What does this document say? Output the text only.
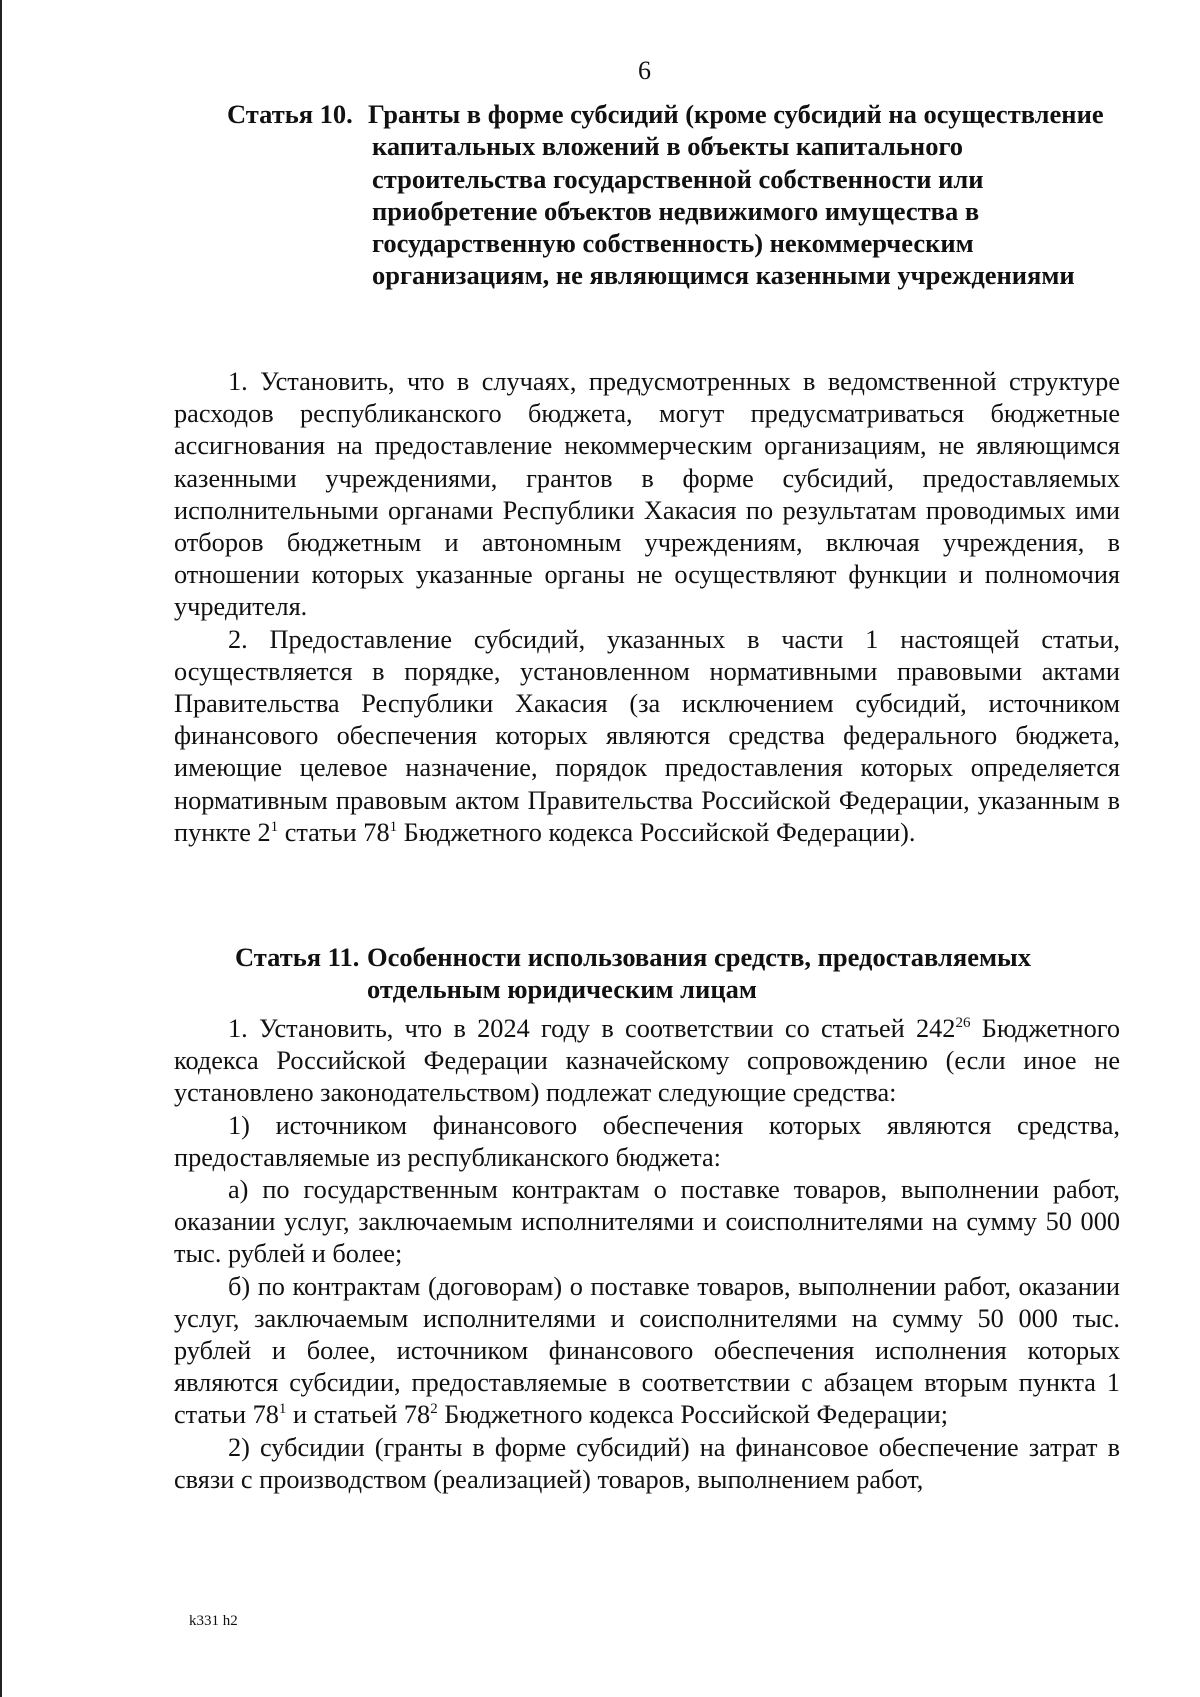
6
Статья 10. Гранты в форме субсидий (кроме субсидий на осуществление капитальных вложений в объекты капитального строительства государственной собственности или приобретение объектов недвижимого имущества в государственную собственность) некоммерческим организациям, не являющимся казенными учреждениями

1. Установить, что в случаях, предусмотренных в ведомственной структуре расходов республиканского бюджета, могут предусматриваться бюджетные ассигнования на предоставление некоммерческим организациям, не являющимся казенными учреждениями, грантов в форме субсидий, предоставляемых исполнительными органами Республики Хакасия по результатам проводимых ими отборов бюджетным и автономным учреждениям, включая учреждения, в отношении которых указанные органы не осуществляют функции и полномочия учредителя.

2. Предоставление субсидий, указанных в части 1 настоящей статьи, осуществляется в порядке, установленном нормативными правовыми актами Правительства Республики Хакасия (за исключением субсидий, источником финансового обеспечения которых являются средства федерального бюджета, имеющие целевое назначение, порядок предоставления которых определяется нормативным правовым актом Правительства Российской Федерации, указанным в пункте $2^1$ статьи $78^1$ Бюджетного кодекса Российской Федерации).

Статья 11. Особенности использования средств, предоставляемых отдельным юридическим лицам

1. Установить, что в 2024 году в соответствии со статьей $242^{26}$ Бюджетного кодекса Российской Федерации казначейскому сопровождению (если иное не установлено законодательством) подлежат следующие средства:

1) источником финансового обеспечения которых являются средства, предоставляемые из республиканского бюджета:

а) по государственным контрактам о поставке товаров, выполнении работ, оказании услуг, заключаемым исполнителями и соисполнителями на сумму 50 000 тыс. рублей и более;

б) по контрактам (договорам) о поставке товаров, выполнении работ, оказании услуг, заключаемым исполнителями и соисполнителями на сумму 50 000 тыс. рублей и более, источником финансового обеспечения исполнения которых являются субсидии, предоставляемые в соответствии с абзацем вторым пункта 1 статьи $78^1$ и статьей $78^2$ Бюджетного кодекса Российской Федерации;

2) субсидии (гранты в форме субсидий) на финансовое обеспечение затрат в связи с производством (реализацией) товаров, выполнением работ,

k331 h2
